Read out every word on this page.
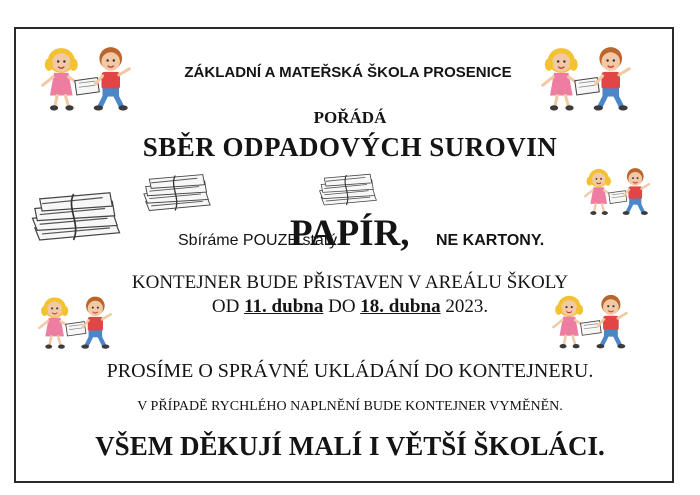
ZÁKLADNÍ A MATEŘSKÁ ŠKOLA PROSENICE
POŘÁDÁ
SBĚR ODPADOVÝCH SUROVIN
Sbíráme POUZE starý
PAPÍR, NE KARTONY.
KONTEJNER BUDE PŘISTAVEN V AREÁLU ŠKOLY
OD 11. dubna DO 18. dubna 2023.
PROSÍME O SPRÁVNÉ UKLÁDÁNÍ DO KONTEJNERU.
V PŘÍPADĚ RYCHLÉHO NAPLNĚNÍ BUDE KONTEJNER VYMĚNĚN.
VŠEM DĚKUJÍ MALÍ I VĚTŠÍ ŠKOLÁCI.
